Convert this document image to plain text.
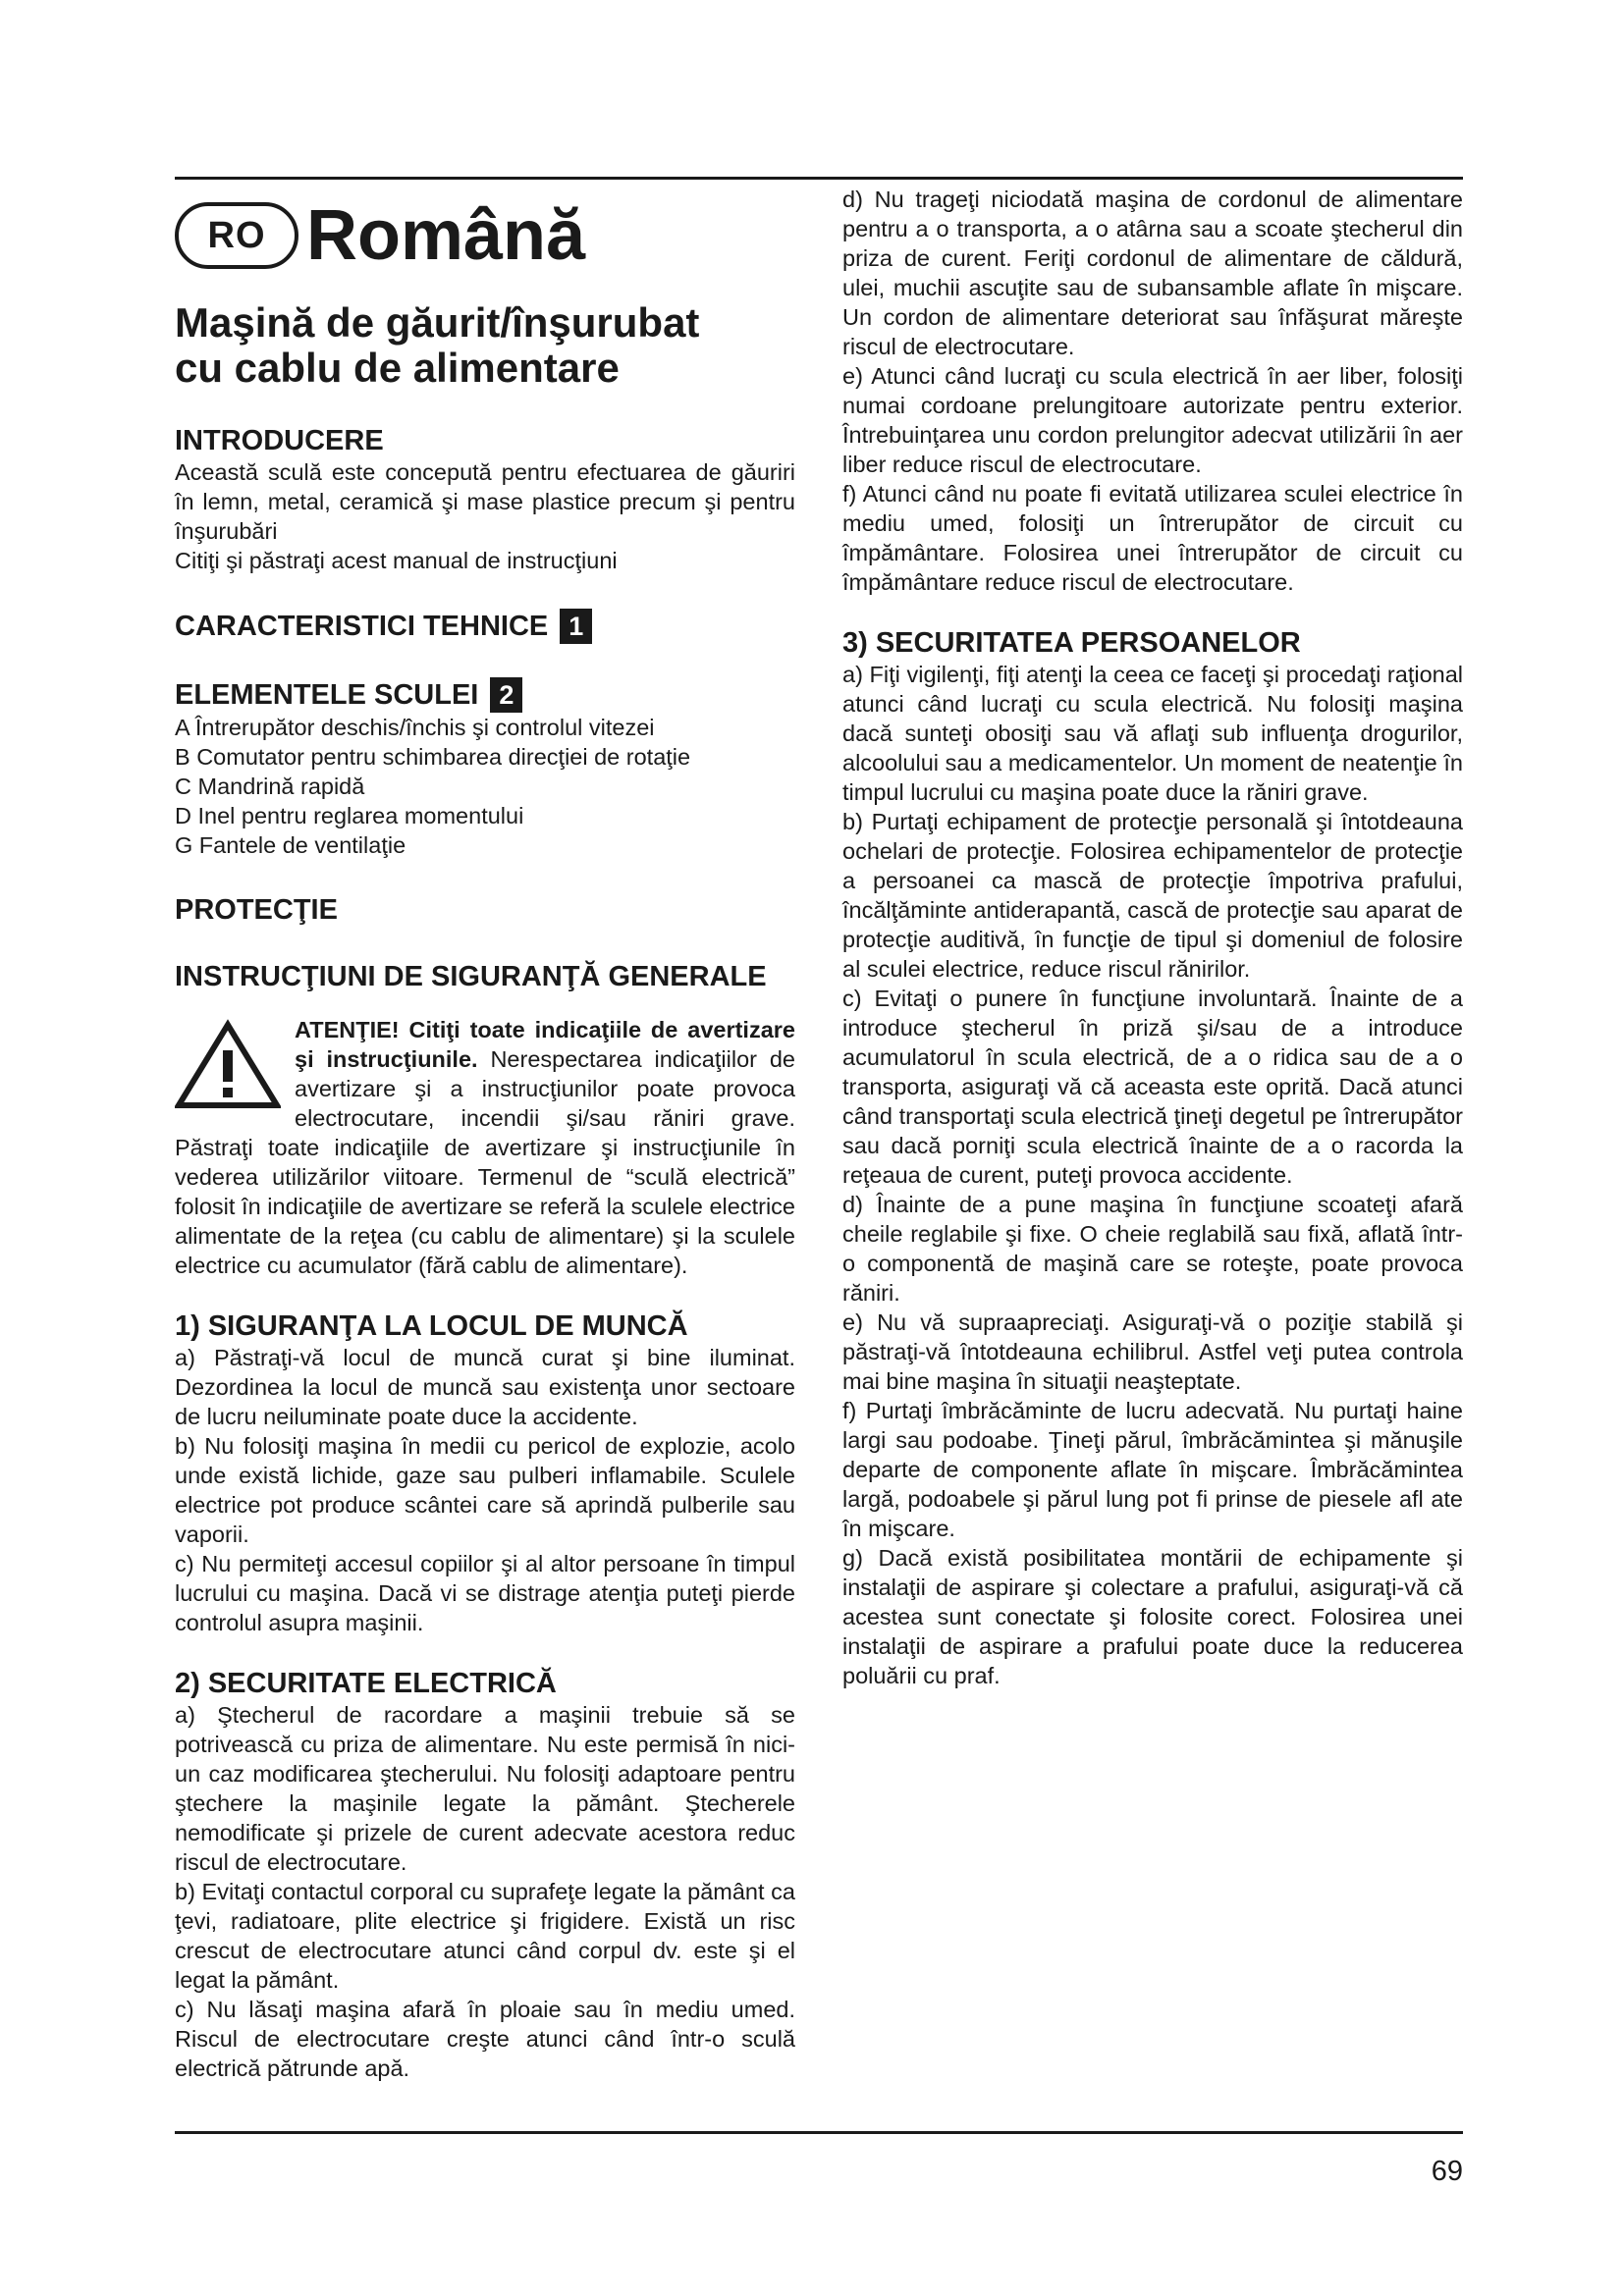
RO Română
Maşină de găurit/înşurubat
cu cablu de alimentare
INTRODUCERE

Această sculă este concepută pentru efectuarea de găuriri în lemn, metal, ceramică şi mase plastice precum şi pentru înşurubări

Citiţi şi păstraţi acest manual de instrucţiuni

CARACTERISTICI TEHNICE 1
ELEMENTELE SCULEI 2

A Întrerupător deschis/închis şi controlul vitezei

B Comutator pentru schimbarea direcţiei de rotaţie

C Mandrină rapidă

D Inel pentru reglarea momentului

G Fantele de ventilaţie

PROTECŢIE
INSTRUCŢIUNI DE SIGURANŢĂ GENERALE

ATENŢIE! Citiţi toate indicaţiile de avertizare şi instrucţiunile. Nerespectarea indicaţiilor de avertizare şi a instrucţiunilor poate provoca electrocutare, incendii şi/sau răniri grave. Păstraţi toate indicaţiile de avertizare şi instrucţiunile în vederea utilizărilor viitoare. Termenul de “sculă electrică” folosit în indicaţiile de avertizare se referă la sculele electrice alimentate de la reţea (cu cablu de alimentare) şi la sculele electrice cu acumulator (fără cablu de alimentare).

1) SIGURANŢA LA LOCUL DE MUNCĂ

a) Păstraţi-vă locul de muncă curat şi bine iluminat. Dezordinea la locul de muncă sau existenţa unor sectoare de lucru neiluminate poate duce la accidente.

b) Nu folosiţi maşina în medii cu pericol de explozie, acolo unde există lichide, gaze sau pulberi inflamabile. Sculele electrice pot produce scântei care să aprindă pulberile sau vaporii.

c) Nu permiteţi accesul copiilor şi al altor persoane în timpul lucrului cu maşina. Dacă vi se distrage atenţia puteţi pierde controlul asupra maşinii.

2) SECURITATE ELECTRICĂ

a) Ştecherul de racordare a maşinii trebuie să se potrivească cu priza de alimentare. Nu este permisă în nici-un caz modificarea ştecherului. Nu folosiţi adaptoare pentru ştechere la maşinile legate la pământ. Ştecherele nemodificate şi prizele de curent adecvate acestora reduc riscul de electrocutare.

b) Evitaţi contactul corporal cu suprafeţe legate la pământ ca ţevi, radiatoare, plite electrice şi frigidere. Există un risc crescut de electrocutare atunci când corpul dv. este şi el legat la pământ.

c) Nu lăsaţi maşina afară în ploaie sau în mediu umed. Riscul de electrocutare creşte atunci când într-o sculă electrică pătrunde apă.

d) Nu trageţi niciodată maşina de cordonul de alimentare pentru a o transporta, a o atârna sau a scoate ştecherul din priza de curent. Feriţi cordonul de alimentare de căldură, ulei, muchii ascuţite sau de subansamble aflate în mişcare. Un cordon de alimentare deteriorat sau înfăşurat măreşte riscul de electrocutare.

e) Atunci când lucraţi cu scula electrică în aer liber, folosiţi numai cordoane prelungitoare autorizate pentru exterior. Întrebuinţarea unu cordon prelungitor adecvat utilizării în aer liber reduce riscul de electrocutare.

f) Atunci când nu poate fi evitată utilizarea sculei electrice în mediu umed, folosiţi un întrerupător de circuit cu împământare. Folosirea unei întrerupător de circuit cu împământare reduce riscul de electrocutare.

3) SECURITATEA PERSOANELOR

a) Fiţi vigilenţi, fiţi atenţi la ceea ce faceţi şi procedaţi raţional atunci când lucraţi cu scula electrică. Nu folosiţi maşina dacă sunteţi obosiţi sau vă aflaţi sub influenţa drogurilor, alcoolului sau a medicamentelor. Un moment de neatenţie în timpul lucrului cu maşina poate duce la răniri grave.

b) Purtaţi echipament de protecţie personală şi întotdeauna ochelari de protecţie. Folosirea echipamentelor de protecţie a persoanei ca mască de protecţie împotriva prafului, încălţăminte antiderapantă, cască de protecţie sau aparat de protecţie auditivă, în funcţie de tipul şi domeniul de folosire al sculei electrice, reduce riscul rănirilor.

c) Evitaţi o punere în funcţiune involuntară. Înainte de a introduce ştecherul în priză şi/sau de a introduce acumulatorul în scula electrică, de a o ridica sau de a o transporta, asiguraţi vă că aceasta este oprită. Dacă atunci când transportaţi scula electrică ţineţi degetul pe întrerupător sau dacă porniţi scula electrică înainte de a o racorda la reţeaua de curent, puteţi provoca accidente.

d) Înainte de a pune maşina în funcţiune scoateţi afară cheile reglabile şi fixe. O cheie reglabilă sau fixă, aflată într-o componentă de maşină care se roteşte, poate provoca răniri.

e) Nu vă supraapreciaţi. Asiguraţi-vă o poziţie stabilă şi păstraţi-vă întotdeauna echilibrul. Astfel veţi putea controla mai bine maşina în situaţii neaşteptate.

f) Purtaţi îmbrăcăminte de lucru adecvată. Nu purtaţi haine largi sau podoabe. Ţineţi părul, îmbrăcămintea şi mănuşile departe de componente aflate în mişcare. Îmbrăcămintea largă, podoabele şi părul lung pot fi prinse de piesele afl ate în mişcare.

g) Dacă există posibilitatea montării de echipamente şi instalaţii de aspirare şi colectare a prafului, asiguraţi-vă că acestea sunt conectate şi folosite corect. Folosirea unei instalaţii de aspirare a prafului poate duce la reducerea poluării cu praf.

69
